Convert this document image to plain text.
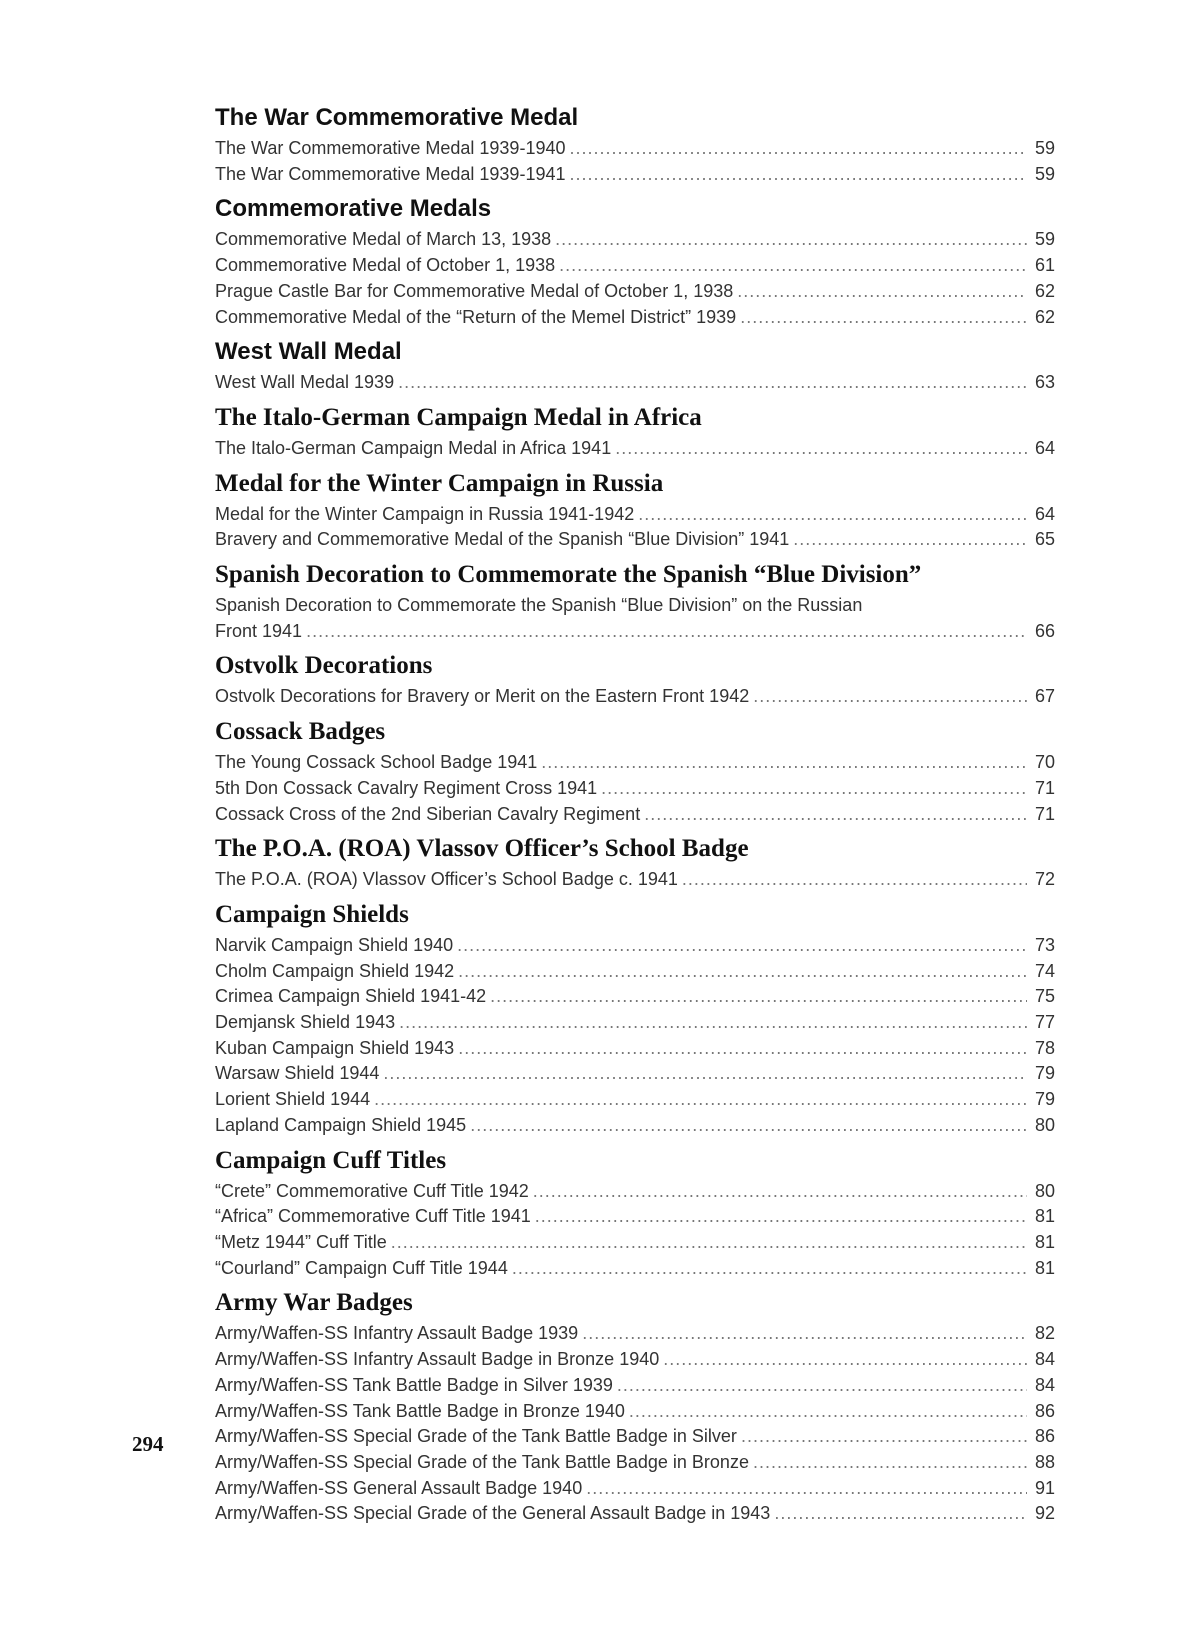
The War Commemorative Medal
The War Commemorative Medal 1939-1940 . . .	59
The War Commemorative Medal 1939-1941 . . .	59
Commemorative Medals
Commemorative Medal of March 13, 1938 . . .	59
Commemorative Medal of October 1, 1938 . . .	61
Prague Castle Bar for Commemorative Medal of October 1, 1938 . . .	62
Commemorative Medal of the “Return of the Memel District” 1939 . . .	62
West Wall Medal
West Wall Medal 1939 . . .	63
The Italo-German Campaign Medal in Africa
The Italo-German Campaign Medal in Africa 1941 . . .	64
Medal for the Winter Campaign in Russia
Medal for the Winter Campaign in Russia 1941-1942 . . .	64
Bravery and Commemorative Medal of the Spanish “Blue Division” 1941 . . .	65
Spanish Decoration to Commemorate the Spanish “Blue Division”
Spanish Decoration to Commemorate the Spanish “Blue Division” on the Russian
Front 1941 . . .	66
Ostvolk Decorations
Ostvolk Decorations for Bravery or Merit on the Eastern Front 1942 . . .	67
Cossack Badges
The Young Cossack School Badge 1941 . . .	70
5th Don Cossack Cavalry Regiment Cross 1941 . . .	71
Cossack Cross of the 2nd Siberian Cavalry Regiment . . .	71
The P.O.A. (ROA) Vlassov Officer’s School Badge
The P.O.A. (ROA) Vlassov Officer’s School Badge c. 1941 . . .	72
Campaign Shields
Narvik Campaign Shield 1940 . . .	73
Cholm Campaign Shield 1942 . . .	74
Crimea Campaign Shield 1941-42 . . .	75
Demjansk Shield 1943 . . .	77
Kuban Campaign Shield 1943 . . .	78
Warsaw Shield 1944 . . .	79
Lorient Shield 1944 . . .	79
Lapland Campaign Shield 1945 . . .	80
Campaign Cuff Titles
“Crete” Commemorative Cuff Title 1942 . . .	80
“Africa” Commemorative Cuff Title 1941 . . .	81
“Metz 1944” Cuff Title . . .	81
“Courland” Campaign Cuff Title 1944 . . .	81
Army War Badges
Army/Waffen-SS Infantry Assault Badge 1939 . . .	82
Army/Waffen-SS Infantry Assault Badge in Bronze 1940 . . .	84
Army/Waffen-SS Tank Battle Badge in Silver 1939 . . .	84
Army/Waffen-SS Tank Battle Badge in Bronze 1940 . . .	86
Army/Waffen-SS Special Grade of the Tank Battle Badge in Silver . . .	86
Army/Waffen-SS Special Grade of the Tank Battle Badge in Bronze . . .	88
Army/Waffen-SS General Assault Badge 1940 . . .	91
Army/Waffen-SS Special Grade of the General Assault Badge in 1943 . . .	92
294
